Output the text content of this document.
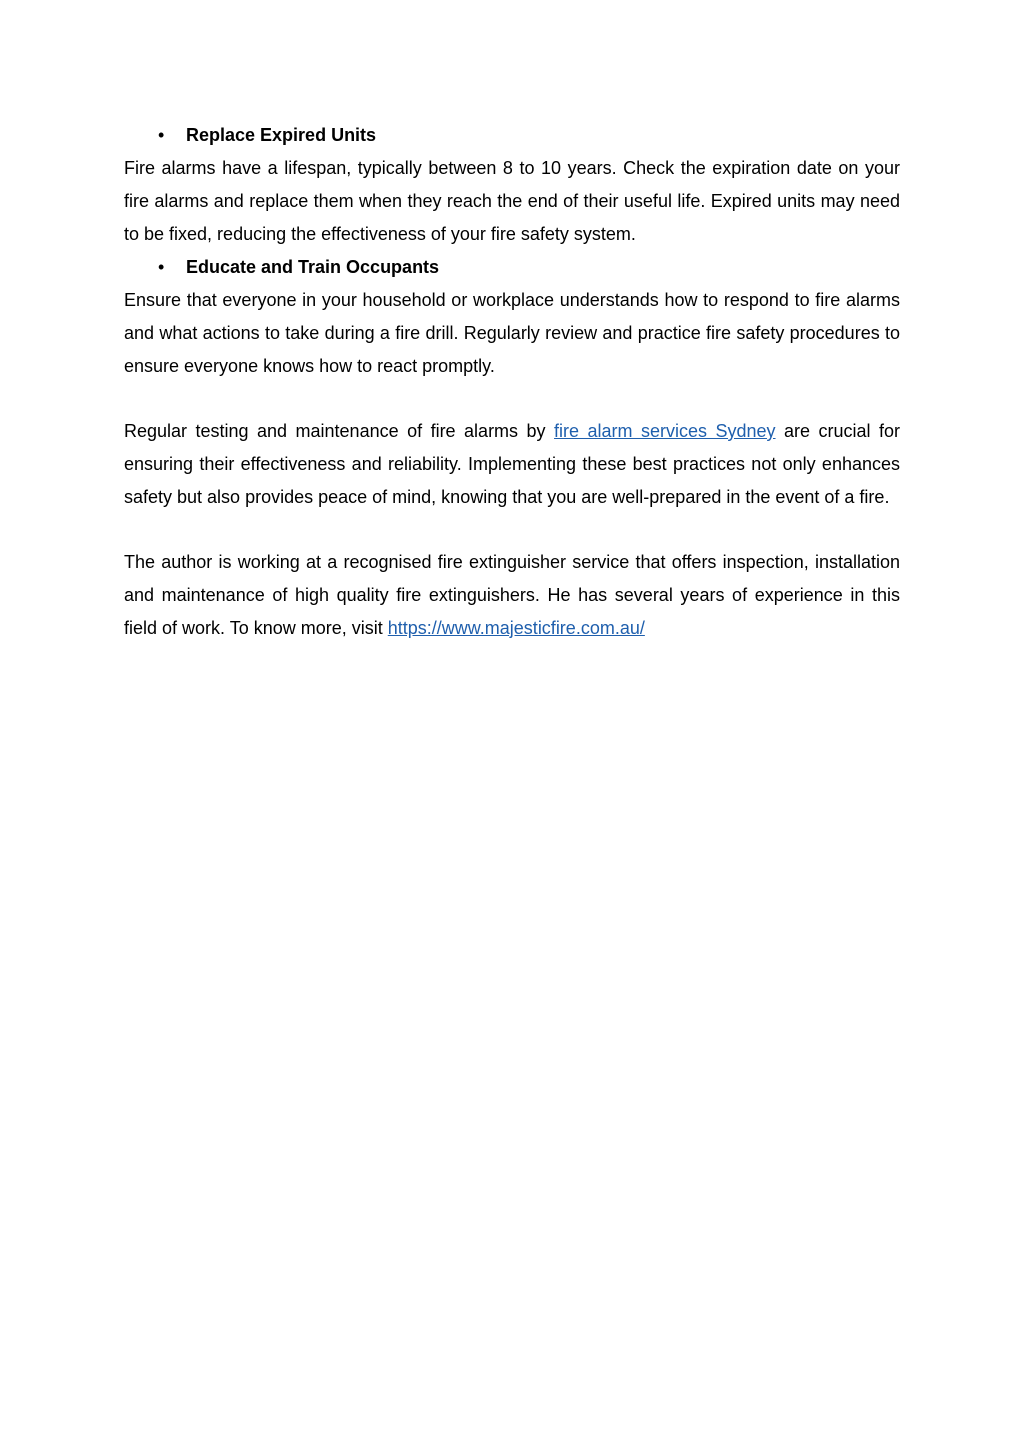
• Replace Expired Units

Fire alarms have a lifespan, typically between 8 to 10 years. Check the expiration date on your fire alarms and replace them when they reach the end of their useful life. Expired units may need to be fixed, reducing the effectiveness of your fire safety system.

• Educate and Train Occupants

Ensure that everyone in your household or workplace understands how to respond to fire alarms and what actions to take during a fire drill. Regularly review and practice fire safety procedures to ensure everyone knows how to react promptly.

Regular testing and maintenance of fire alarms by fire alarm services Sydney are crucial for ensuring their effectiveness and reliability. Implementing these best practices not only enhances safety but also provides peace of mind, knowing that you are well-prepared in the event of a fire.

The author is working at a recognised fire extinguisher service that offers inspection, installation and maintenance of high quality fire extinguishers. He has several years of experience in this field of work. To know more, visit https://www.majesticfire.com.au/
